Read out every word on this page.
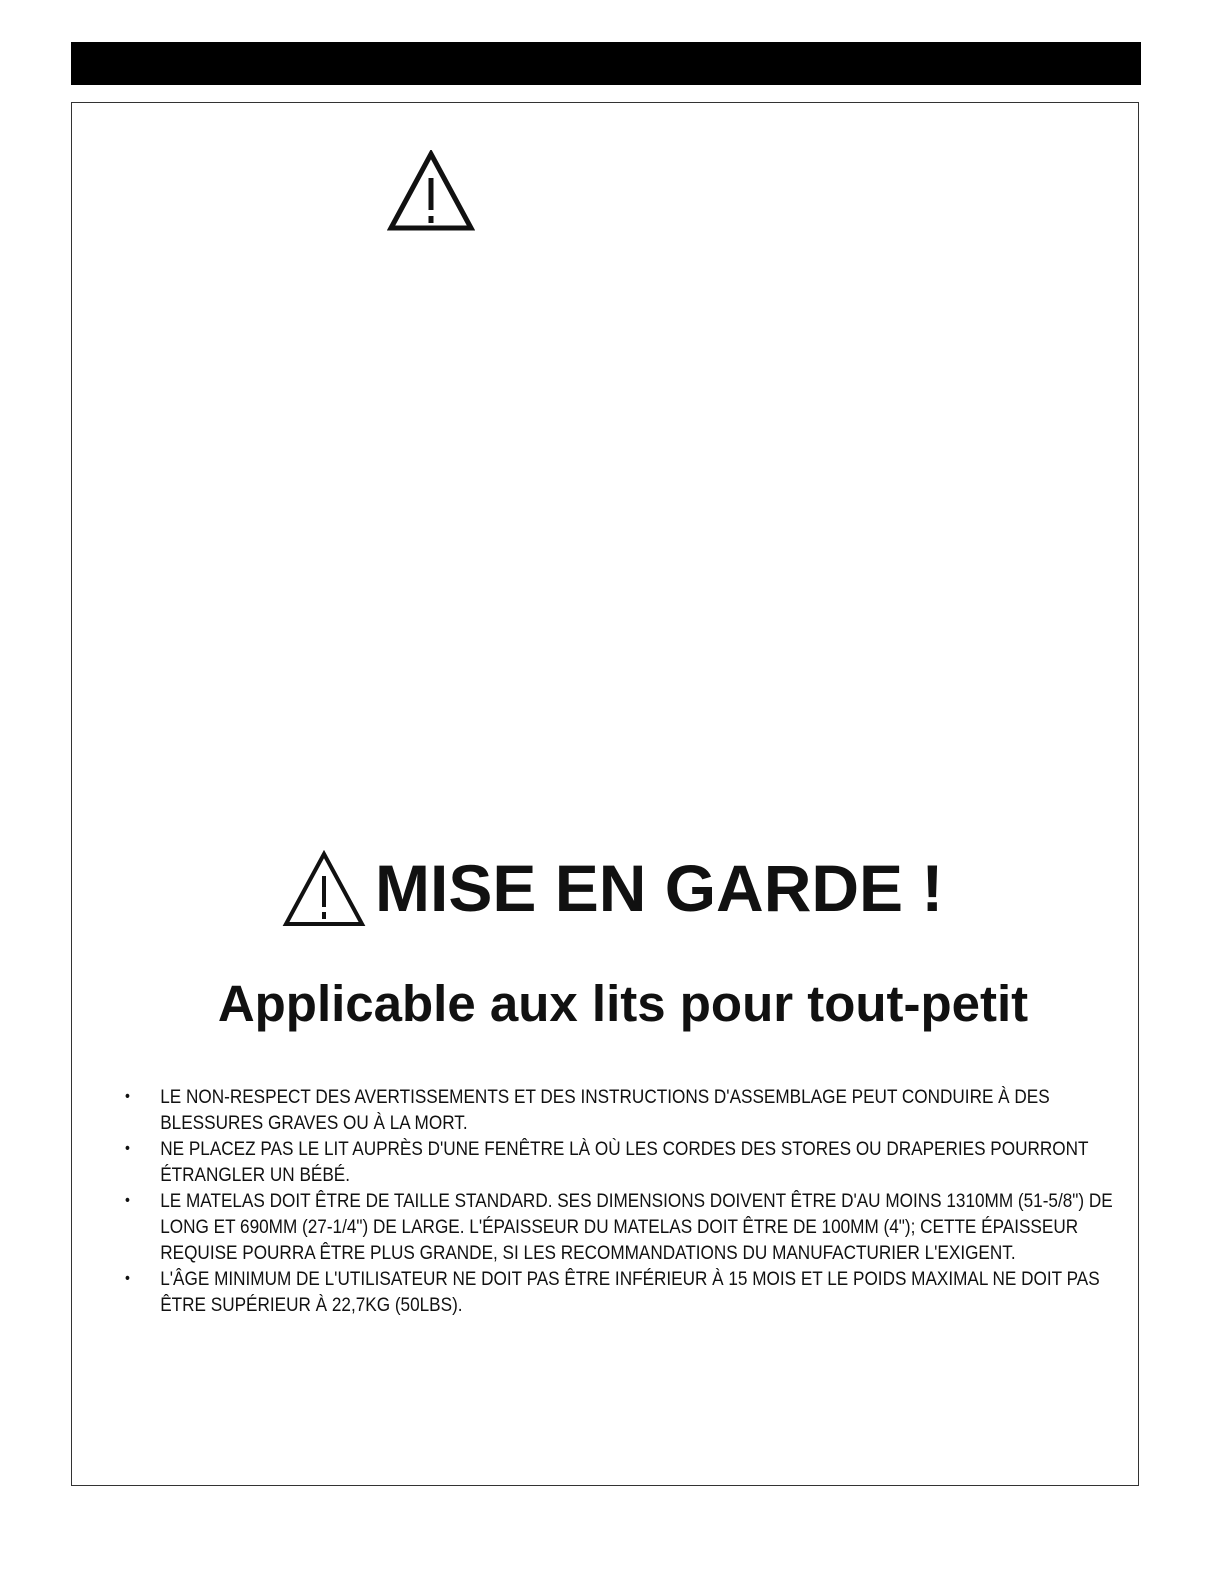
MISE EN GARDE !
Applicable aux lits pour tout-petit
• LE NON-RESPECT DES AVERTISSEMENTS ET DES INSTRUCTIONS D'ASSEMBLAGE PEUT CONDUIRE À DES BLESSURES GRAVES OU À LA MORT.
• NE PLACEZ PAS LE LIT AUPRÈS D'UNE FENÊTRE LÀ OÙ LES CORDES DES STORES OU DRAPERIES POURRONT ÉTRANGLER UN BÉBÉ.
• LE MATELAS DOIT ÊTRE DE TAILLE STANDARD. SES DIMENSIONS DOIVENT ÊTRE D'AU MOINS 1310MM (51-5/8") DE LONG ET 690MM (27-1/4") DE LARGE. L'ÉPAISSEUR DU MATELAS DOIT ÊTRE DE 100MM (4"); CETTE ÉPAISSEUR REQUISE POURRA ÊTRE PLUS GRANDE, SI LES RECOMMANDATIONS DU MANUFACTURIER L'EXIGENT.
• L'ÂGE MINIMUM DE L'UTILISATEUR NE DOIT PAS ÊTRE INFÉRIEUR À 15 MOIS ET LE POIDS MAXIMAL NE DOIT PAS ÊTRE SUPÉRIEUR À 22,7KG (50LBS).
